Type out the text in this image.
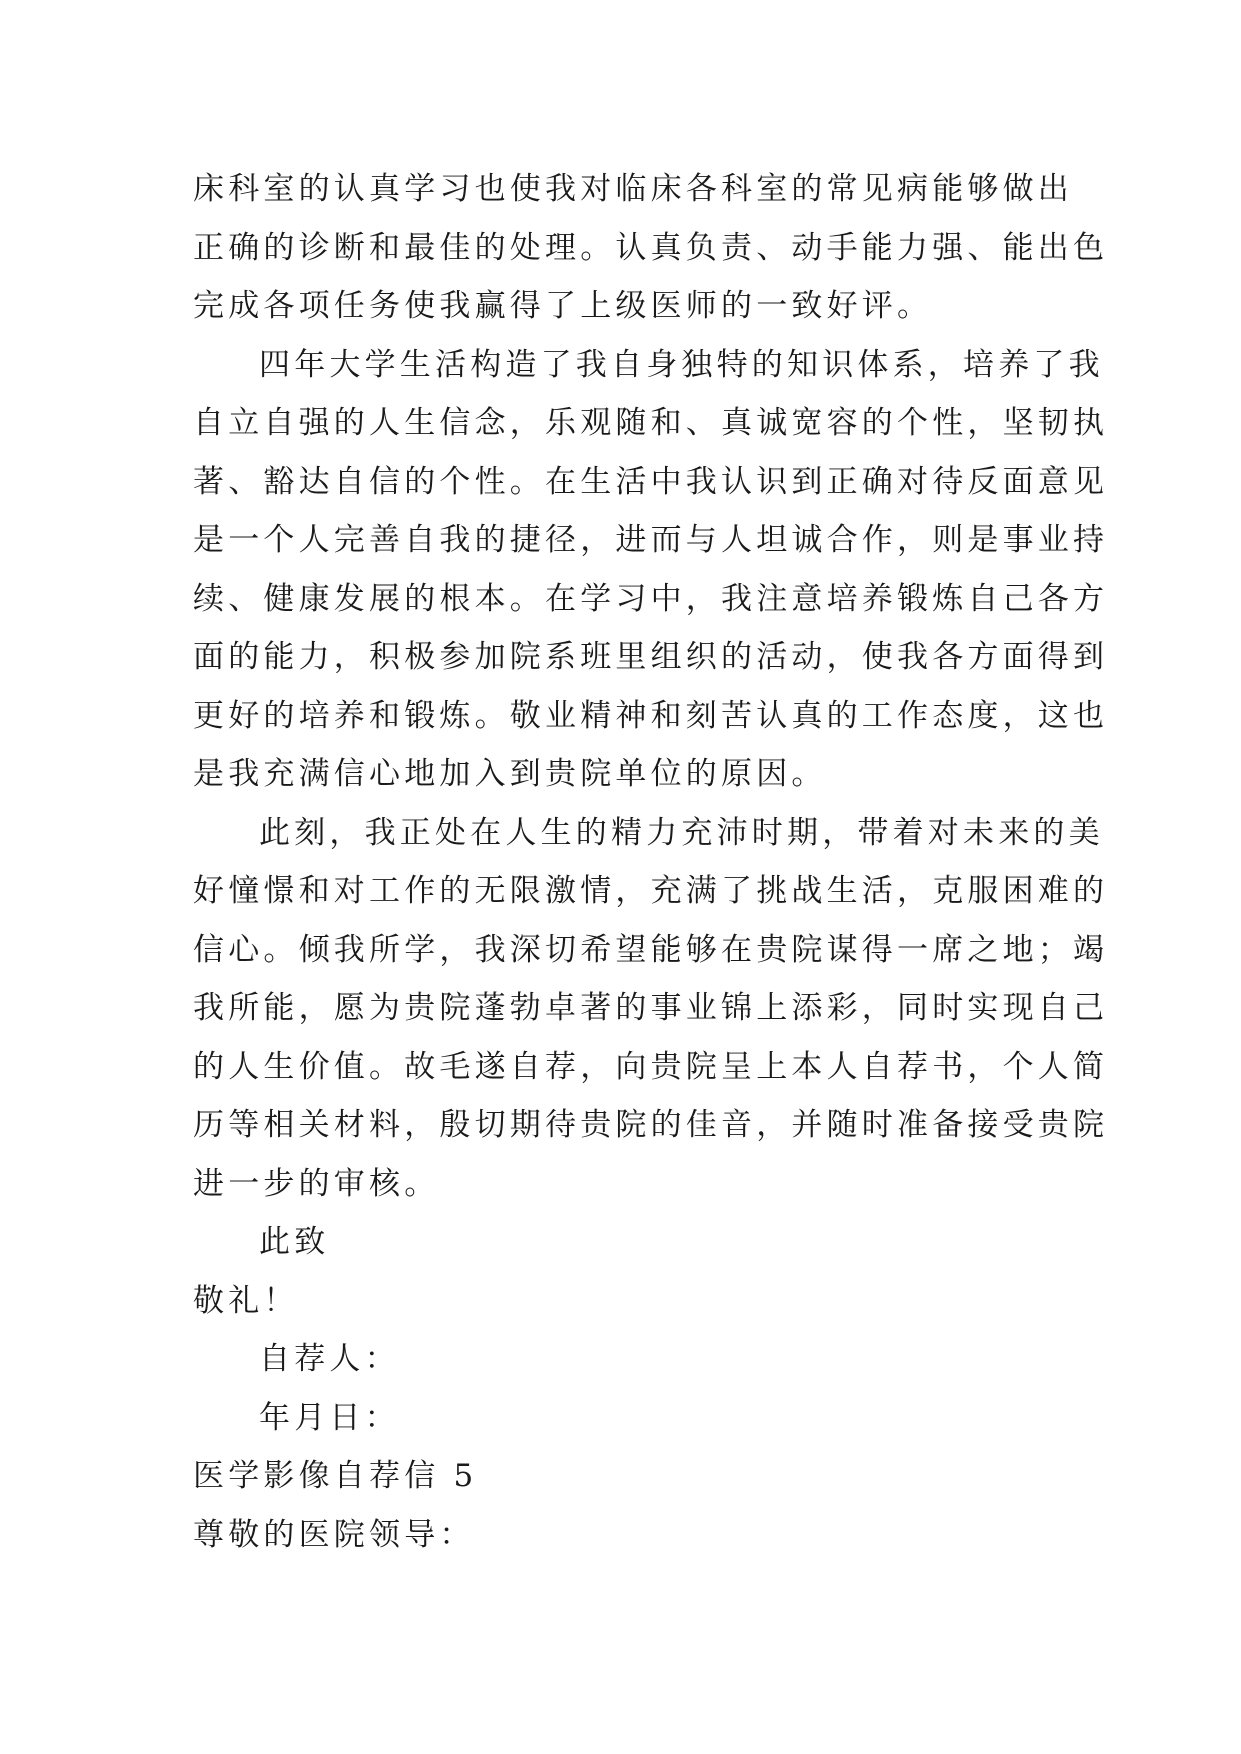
床科室的认真学习也使我对临床各科室的常见病能够做出
正确的诊断和最佳的处理。认真负责、动手能力强、能出色
完成各项任务使我赢得了上级医师的一致好评。
四年大学生活构造了我自身独特的知识体系，培养了我
自立自强的人生信念，乐观随和、真诚宽容的个性，坚韧执
著、豁达自信的个性。在生活中我认识到正确对待反面意见
是一个人完善自我的捷径，进而与人坦诚合作，则是事业持
续、健康发展的根本。在学习中，我注意培养锻炼自己各方
面的能力，积极参加院系班里组织的活动，使我各方面得到
更好的培养和锻炼。敬业精神和刻苦认真的工作态度，这也
是我充满信心地加入到贵院单位的原因。
此刻，我正处在人生的精力充沛时期，带着对未来的美
好憧憬和对工作的无限激情，充满了挑战生活，克服困难的
信心。倾我所学，我深切希望能够在贵院谋得一席之地；竭
我所能，愿为贵院蓬勃卓著的事业锦上添彩，同时实现自己
的人生价值。故毛遂自荐，向贵院呈上本人自荐书，个人简
历等相关材料，殷切期待贵院的佳音，并随时准备接受贵院
进一步的审核。
此致
敬礼！
自荐人：
年月日：
医学影像自荐信 5
尊敬的医院领导：
